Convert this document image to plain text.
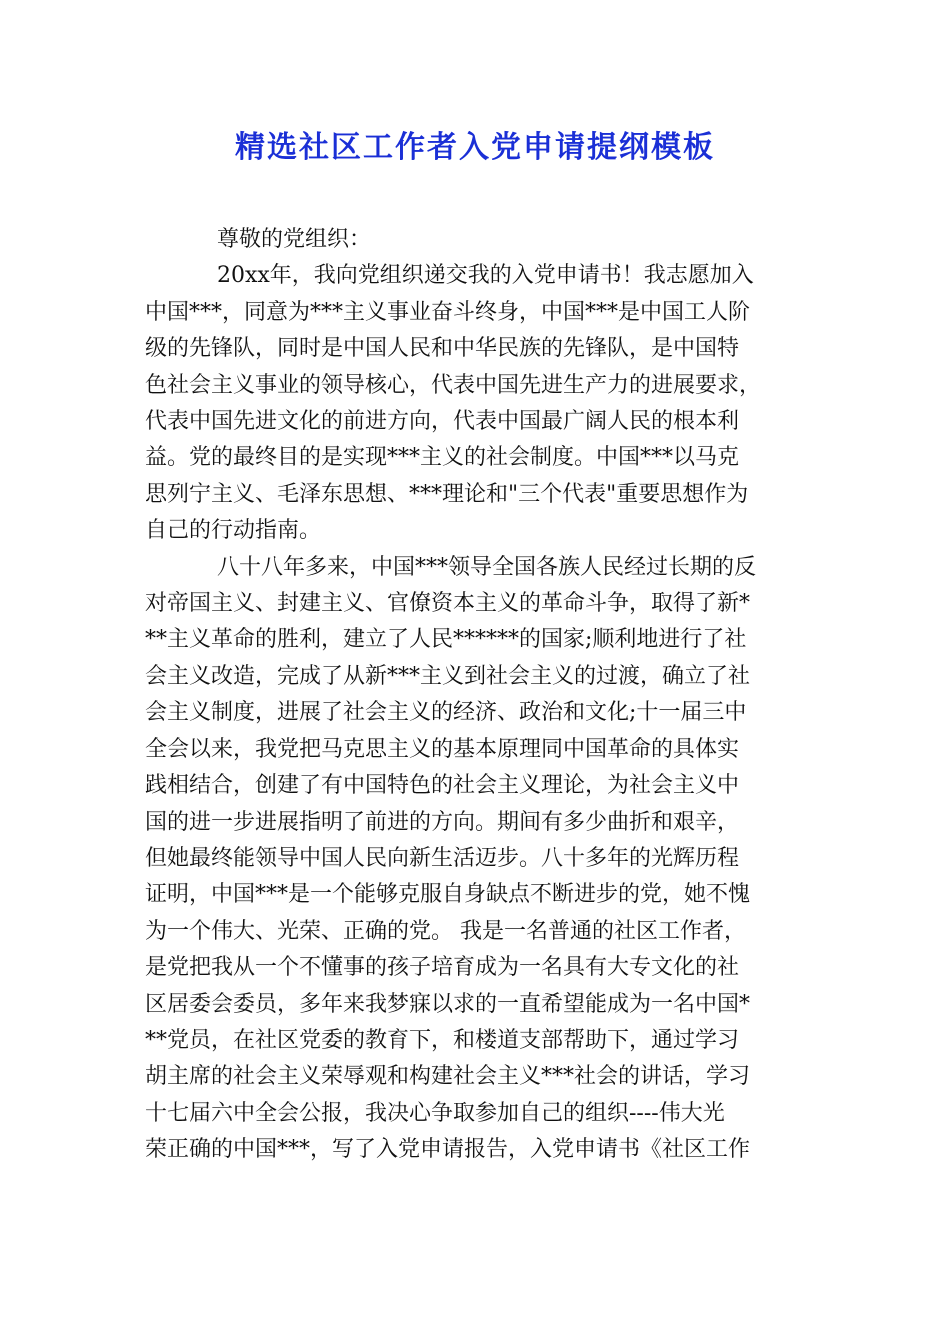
精选社区工作者入党申请提纲模板
尊敬的党组织：
20xx年，我向党组织递交我的入党申请书！我志愿加入
中国***，同意为***主义事业奋斗终身，中国***是中国工人阶
级的先锋队，同时是中国人民和中华民族的先锋队，是中国特
色社会主义事业的领导核心，代表中国先进生产力的进展要求，
代表中国先进文化的前进方向，代表中国最广阔人民的根本利
益。党的最终目的是实现***主义的社会制度。中国***以马克
思列宁主义、毛泽东思想、***理论和"三个代表"重要思想作为
自己的行动指南。
八十八年多来，中国***领导全国各族人民经过长期的反
对帝国主义、封建主义、官僚资本主义的革命斗争，取得了新*
**主义革命的胜利，建立了人民******的国家;顺利地进行了社
会主义改造，完成了从新***主义到社会主义的过渡，确立了社
会主义制度，进展了社会主义的经济、政治和文化;十一届三中
全会以来，我党把马克思主义的基本原理同中国革命的具体实
践相结合，创建了有中国特色的社会主义理论，为社会主义中
国的进一步进展指明了前进的方向。期间有多少曲折和艰辛，
但她最终能领导中国人民向新生活迈步。八十多年的光辉历程
证明，中国***是一个能够克服自身缺点不断进步的党，她不愧
为一个伟大、光荣、正确的党。 我是一名普通的社区工作者，
是党把我从一个不懂事的孩子培育成为一名具有大专文化的社
区居委会委员，多年来我梦寐以求的一直希望能成为一名中国*
**党员，在社区党委的教育下，和楼道支部帮助下，通过学习
胡主席的社会主义荣辱观和构建社会主义***社会的讲话，学习
十七届六中全会公报，我决心争取参加自己的组织----伟大光
荣正确的中国***，写了入党申请报告，入党申请书《社区工作
